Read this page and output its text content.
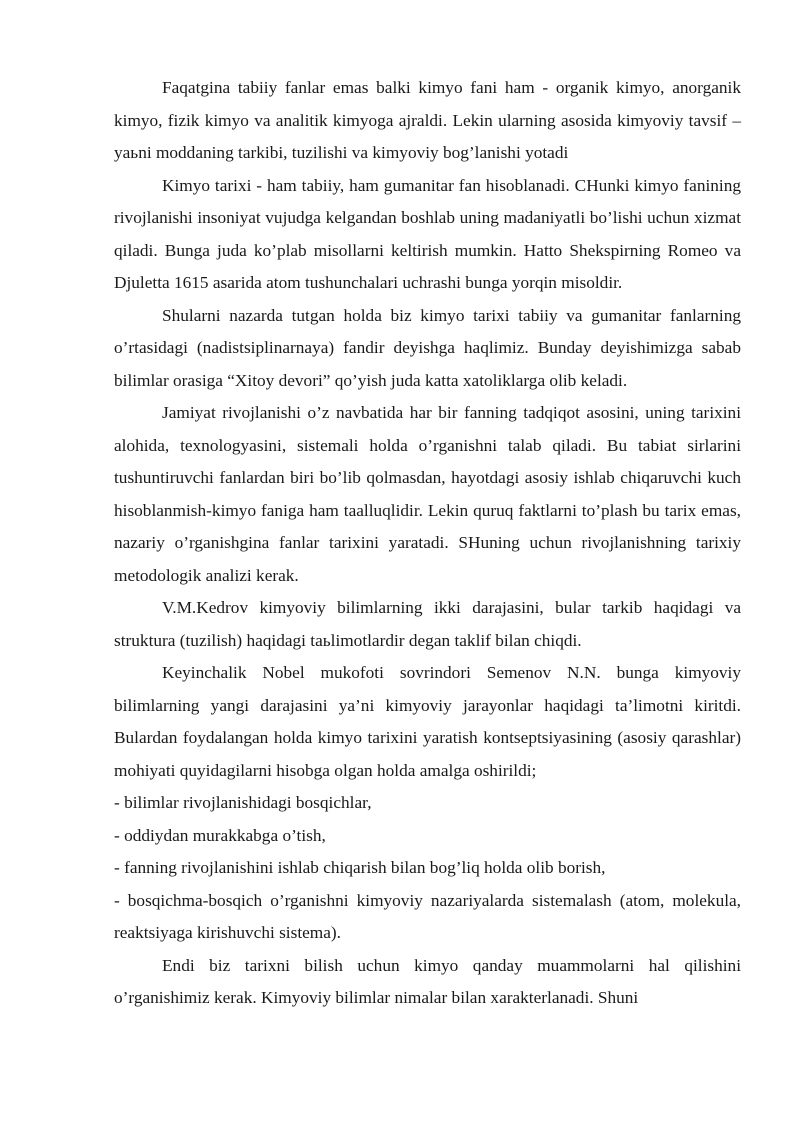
Faqatgina tabiiy fanlar emas balki kimyo fani ham - organik kimyo, anorganik kimyo, fizik kimyo va analitik kimyoga ajraldi. Lekin ularning asosida kimyoviy tavsif – yaьni moddaning tarkibi, tuzilishi va kimyoviy bog’lanishi yotadi

Kimyo tarixi - ham tabiiy, ham gumanitar fan hisoblanadi. CHunki kimyo fanining rivojlanishi insoniyat vujudga kelgandan boshlab uning madaniyatli bo’lishi uchun xizmat qiladi. Bunga juda ko’plab misollarni keltirish mumkin. Hatto Shekspirning Romeo va Djuletta 1615 asarida atom tushunchalari uchrashi bunga yorqin misoldir.

Shularni nazarda tutgan holda biz kimyo tarixi tabiiy va gumanitar fanlarning o’rtasidagi (nadistsiplinarnaya) fandir deyishga haqlimiz. Bunday deyishimizga sabab bilimlar orasiga “Xitoy devori” qo’yish juda katta xatoliklarga olib keladi.

Jamiyat rivojlanishi o’z navbatida har bir fanning tadqiqot asosini, uning tarixini alohida, texnologyasini, sistemali holda o’rganishni talab qiladi. Bu tabiat sirlarini tushuntiruvchi fanlardan biri bo’lib qolmasdan, hayotdagi asosiy ishlab chiqaruvchi kuch hisoblanmish-kimyo faniga ham taalluqlidir. Lekin quruq faktlarni to’plash bu tarix emas, nazariy o’rganishgina fanlar tarixini yaratadi. SHuning uchun rivojlanishning tarixiy metodologik analizi kerak.

V.M.Kedrov kimyoviy bilimlarning ikki darajasini, bular tarkib haqidagi va struktura (tuzilish) haqidagi taьlimotlardir degan taklif bilan chiqdi.

Keyinchalik Nobel mukofoti sovrindori Semenov N.N. bunga kimyoviy bilimlarning yangi darajasini ya’ni kimyoviy jarayonlar haqidagi ta’limotni kiritdi. Bulardan foydalangan holda kimyo tarixini yaratish kontseptsiyasining (asosiy qarashlar) mohiyati quyidagilarni hisobga olgan holda amalga oshirildi;

- bilimlar rivojlanishidagi bosqichlar,

- oddiydan murakkabga o’tish,

- fanning rivojlanishini ishlab chiqarish bilan bog’liq holda olib borish,

- bosqichma-bosqich o’rganishni kimyoviy nazariyalarda sistemalash (atom, molekula, reaktsiyaga kirishuvchi sistema).

Endi biz tarixni bilish uchun kimyo qanday muammolarni hal qilishini o’rganishimiz kerak. Kimyoviy bilimlar nimalar bilan xarakterlanadi. Shuni
